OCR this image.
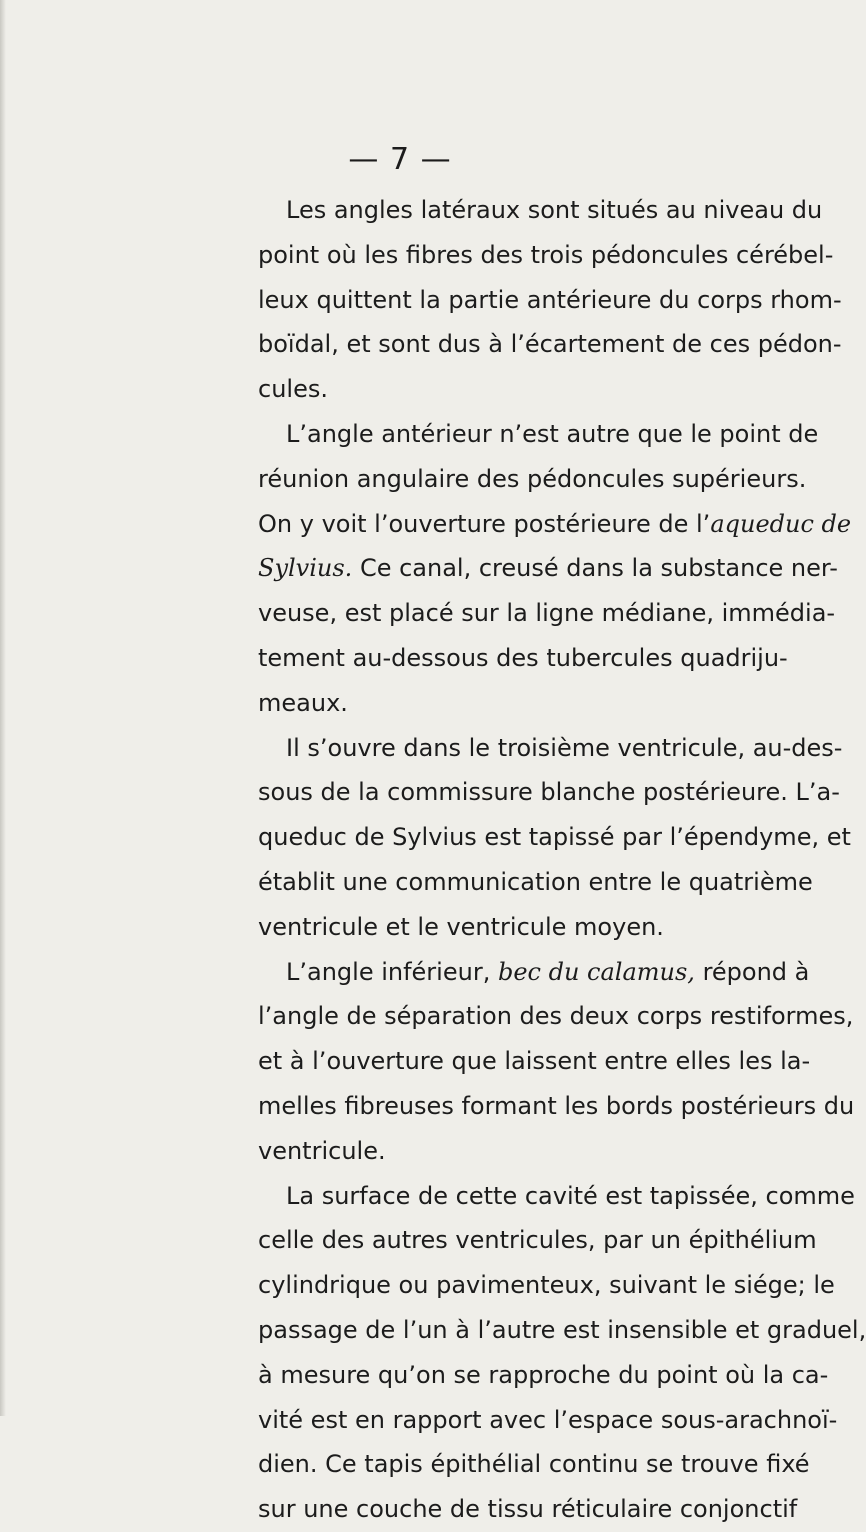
— 7 —
Les angles latéraux sont situés au niveau du
point où les fibres des trois pédoncules cérébel-
leux quittent la partie antérieure du corps rhom-
boïdal, et sont dus à l’écartement de ces pédon-
cules.
L’angle antérieur n’est autre que le point de
réunion angulaire des pédoncules supérieurs.
On y voit l’ouverture postérieure de l’aqueduc de
Sylvius. Ce canal, creusé dans la substance ner-
veuse, est placé sur la ligne médiane, immédia-
tement au-dessous des tubercules quadriju-
meaux.
Il s’ouvre dans le troisième ventricule, au-des-
sous de la commissure blanche postérieure. L’a-
queduc de Sylvius est tapissé par l’épendyme, et
établit une communication entre le quatrième
ventricule et le ventricule moyen.
L’angle inférieur, bec du calamus, répond à
l’angle de séparation des deux corps restiformes,
et à l’ouverture que laissent entre elles les la-
melles fibreuses formant les bords postérieurs du
ventricule.
La surface de cette cavité est tapissée, comme
celle des autres ventricules, par un épithélium
cylindrique ou pavimenteux, suivant le siége; le
passage de l’un à l’autre est insensible et graduel,
à mesure qu’on se rapproche du point où la ca-
vité est en rapport avec l’espace sous-arachnoï-
dien. Ce tapis épithélial continu se trouve fixé
sur une couche de tissu réticulaire conjonctif
